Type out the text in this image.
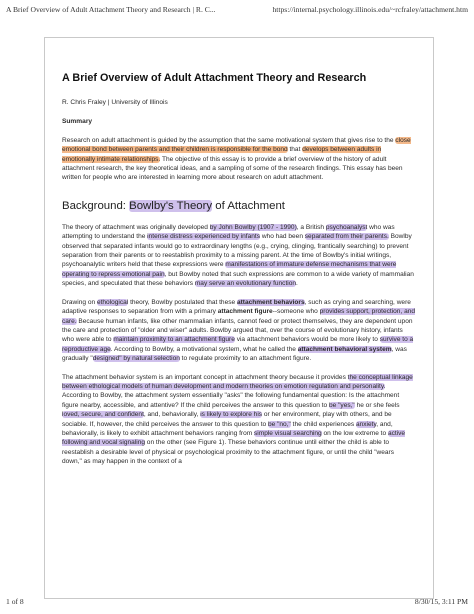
A Brief Overview of Adult Attachment Theory and Research | R. C...	https://internal.psychology.illinois.edu/~rcfraley/attachment.htm
A Brief Overview of Adult Attachment Theory and Research
R. Chris Fraley | University of Illinois
Summary

Research on adult attachment is guided by the assumption that the same motivational system that gives rise to the close emotional bond between parents and their children is responsible for the bond that develops between adults in emotionally intimate relationships. The objective of this essay is to provide a brief overview of the history of adult attachment research, the key theoretical ideas, and a sampling of some of the research findings. This essay has been written for people who are interested in learning more about research on adult attachment.

Background: Bowlby's Theory of Attachment

The theory of attachment was originally developed by John Bowlby (1907 - 1990), a British psychoanalyst who was attempting to understand the intense distress experienced by infants who had been separated from their parents. Bowlby observed that separated infants would go to extraordinary lengths (e.g., crying, clinging, frantically searching) to prevent separation from their parents or to reestablish proximity to a missing parent. At the time of Bowlby's initial writings, psychoanalytic writers held that these expressions were manifestations of immature defense mechanisms that were operating to repress emotional pain, but Bowlby noted that such expressions are common to a wide variety of mammalian species, and speculated that these behaviors may serve an evolutionary function.

Drawing on ethological theory, Bowlby postulated that these attachment behaviors, such as crying and searching, were adaptive responses to separation from with a primary attachment figure--someone who provides support, protection, and care. Because human infants, like other mammalian infants, cannot feed or protect themselves, they are dependent upon the care and protection of "older and wiser" adults. Bowlby argued that, over the course of evolutionary history, infants who were able to maintain proximity to an attachment figure via attachment behaviors would be more likely to survive to a reproductive age. According to Bowlby, a motivational system, what he called the attachment behavioral system, was gradually "designed" by natural selection to regulate proximity to an attachment figure.

The attachment behavior system is an important concept in attachment theory because it provides the conceptual linkage between ethological models of human development and modern theories on emotion regulation and personality. According to Bowlby, the attachment system essentially "asks" the following fundamental question: Is the attachment figure nearby, accessible, and attentive? If the child perceives the answer to this question to be "yes," he or she feels loved, secure, and confident, and, behaviorally, is likely to explore his or her environment, play with others, and be sociable. If, however, the child perceives the answer to this question to be "no," the child experiences anxiety, and, behaviorally, is likely to exhibit attachment behaviors ranging from simple visual searching on the low extreme to active following and vocal signaling on the other (see Figure 1). These behaviors continue until either the child is able to reestablish a desirable level of physical or psychological proximity to the attachment figure, or until the child "wears down," as may happen in the context of a

1 of 8	8/30/15, 3:11 PM
